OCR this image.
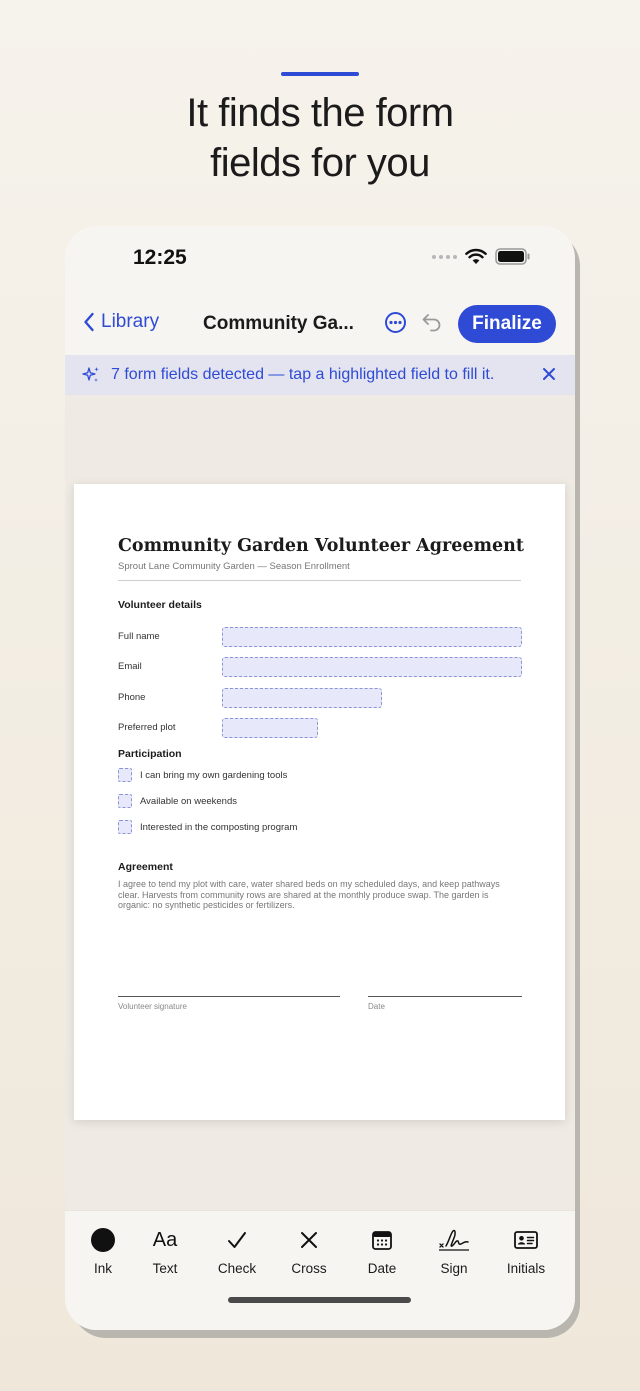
It finds the form
fields for you
12:25
Library Community Ga...	Finalize
7 form fields detected — tap a highlighted field to fill it.
Community Garden Volunteer Agreement
Sprout Lane Community Garden — Season Enrollment
Volunteer details
Full name
Email
Phone
Preferred plot
Participation
I can bring my own gardening tools
Available on weekends
Interested in the composting program
Agreement
I agree to tend my plot with care, water shared beds on my scheduled days, and keep pathways clear. Harvests from community rows are shared at the monthly produce swap. The garden is organic: no synthetic pesticides or fertilizers.
Volunteer signature	Date
Ink
Aa
Text	Check	Cross	Date	Sign	Initials
